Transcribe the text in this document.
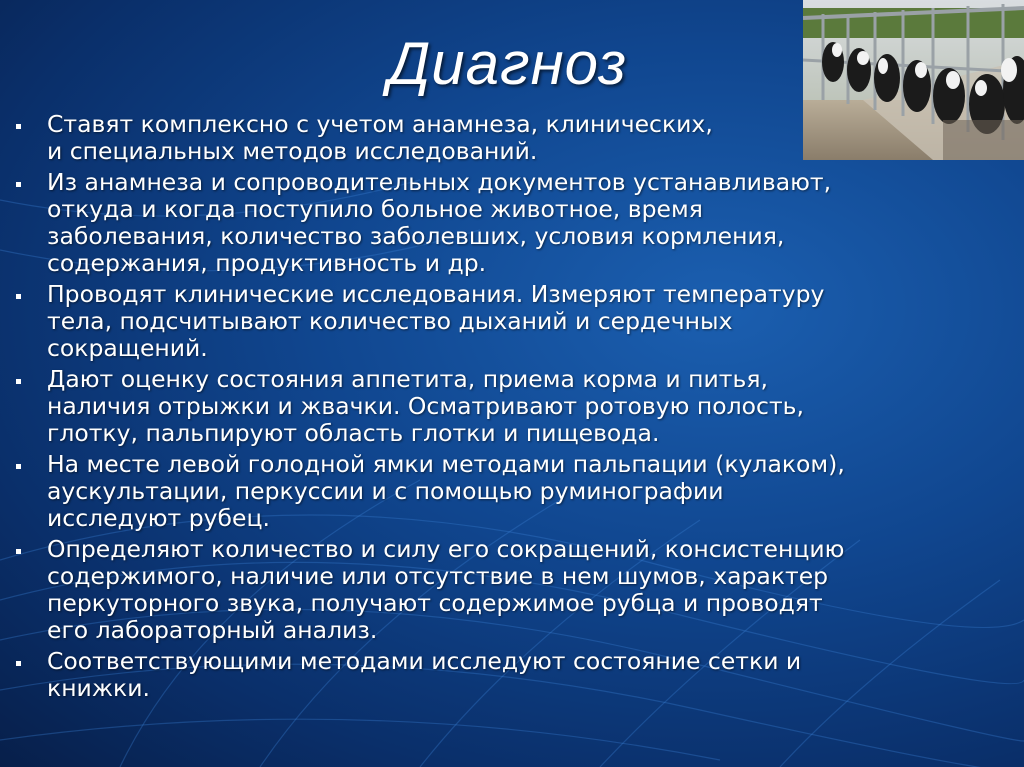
Диагноз
Ставят комплексно с учетом анамнеза, клинических,
и специальных методов исследований.
Из анамнеза и сопроводительных документов устанавливают,
откуда и когда поступило больное животное, время
заболевания, количество заболевших, условия кормления,
содержания, продуктивность и др.
Проводят клинические исследования. Измеряют температуру
тела, подсчитывают количество дыханий и сердечных
сокращений.
Дают оценку состояния аппетита, приема корма и питья,
наличия отрыжки и жвачки. Осматривают ротовую полость,
глотку, пальпируют область глотки и пищевода.
На месте левой голодной ямки методами пальпации (кулаком),
аускультации, перкуссии и с помощью руминографии
исследуют рубец.
Определяют количество и силу его сокращений, консистенцию
содержимого, наличие или отсутствие в нем шумов, характер
перкуторного звука, получают содержимое рубца и проводят
его лабораторный анализ.
Соответствующими методами исследуют состояние сетки и
книжки.
